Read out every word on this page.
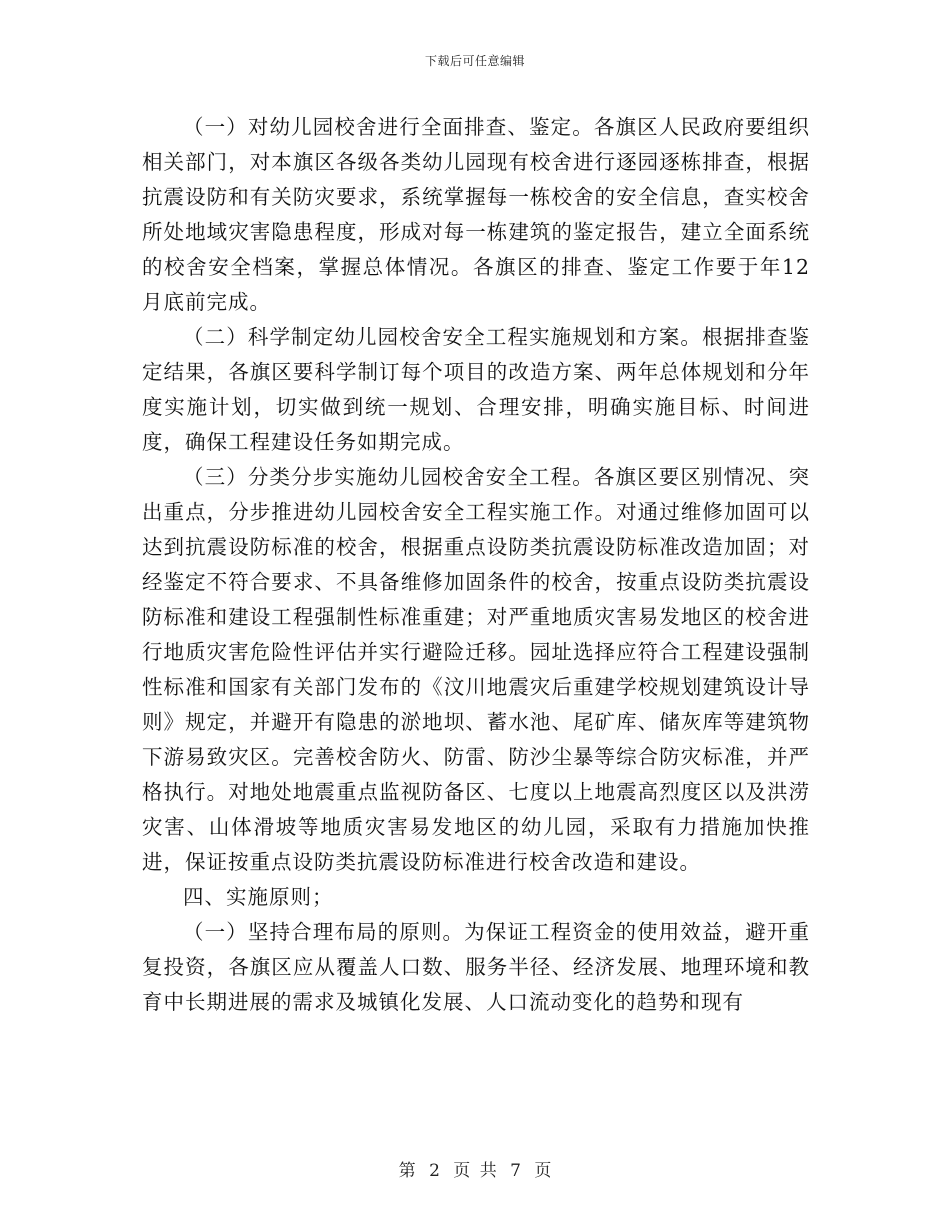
下载后可任意编辑

（一）对幼儿园校舍进行全面排查、鉴定。各旗区人民政府要组织相关部门，对本旗区各级各类幼儿园现有校舍进行逐园逐栋排查，根据抗震设防和有关防灾要求，系统掌握每一栋校舍的安全信息，查实校舍所处地域灾害隐患程度，形成对每一栋建筑的鉴定报告，建立全面系统的校舍安全档案，掌握总体情况。各旗区的排查、鉴定工作要于年12月底前完成。

（二）科学制定幼儿园校舍安全工程实施规划和方案。根据排查鉴定结果，各旗区要科学制订每个项目的改造方案、两年总体规划和分年度实施计划，切实做到统一规划、合理安排，明确实施目标、时间进度，确保工程建设任务如期完成。

（三）分类分步实施幼儿园校舍安全工程。各旗区要区别情况、突出重点，分步推进幼儿园校舍安全工程实施工作。对通过维修加固可以达到抗震设防标准的校舍，根据重点设防类抗震设防标准改造加固；对经鉴定不符合要求、不具备维修加固条件的校舍，按重点设防类抗震设防标准和建设工程强制性标准重建；对严重地质灾害易发地区的校舍进行地质灾害危险性评估并实行避险迁移。园址选择应符合工程建设强制性标准和国家有关部门发布的《汶川地震灾后重建学校规划建筑设计导则》规定，并避开有隐患的淤地坝、蓄水池、尾矿库、储灰库等建筑物下游易致灾区。完善校舍防火、防雷、防沙尘暴等综合防灾标准，并严格执行。对地处地震重点监视防备区、七度以上地震高烈度区以及洪涝灾害、山体滑坡等地质灾害易发地区的幼儿园，采取有力措施加快推进，保证按重点设防类抗震设防标准进行校舍改造和建设。

四、实施原则；

（一）坚持合理布局的原则。为保证工程资金的使用效益，避开重复投资，各旗区应从覆盖人口数、服务半径、经济发展、地理环境和教育中长期进展的需求及城镇化发展、人口流动变化的趋势和现有

第 2 页 共 7 页
